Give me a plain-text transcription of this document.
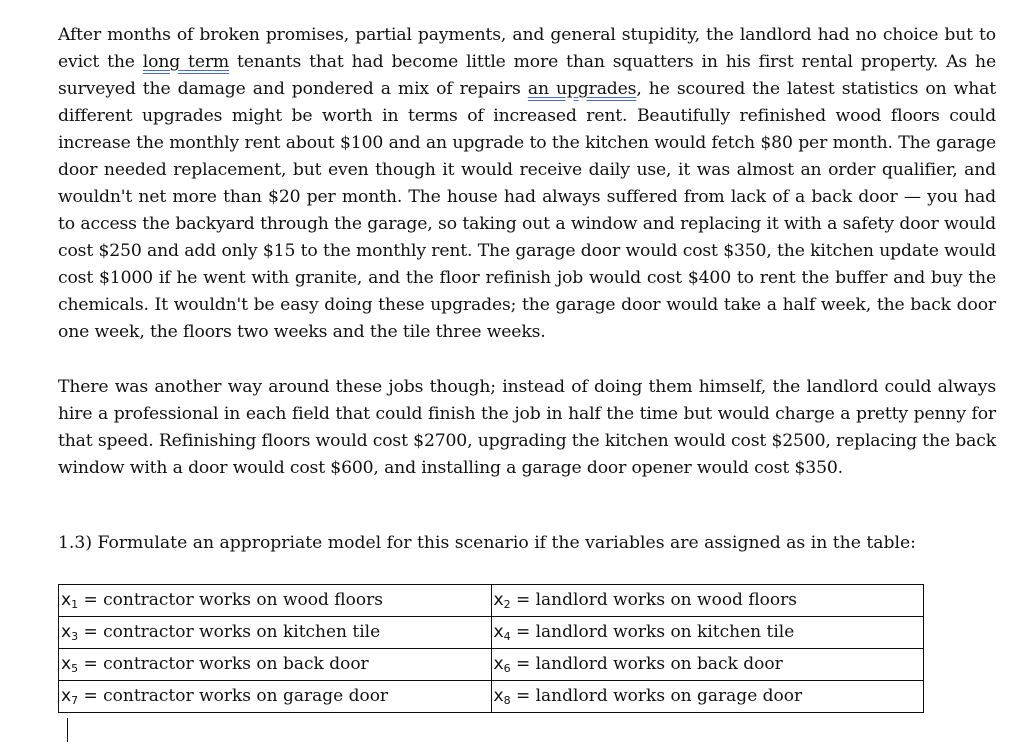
After months of broken promises, partial payments, and general stupidity, the landlord had no choice but to evict the long term tenants that had become little more than squatters in his first rental property. As he surveyed the damage and pondered a mix of repairs an upgrades, he scoured the latest statistics on what different upgrades might be worth in terms of increased rent. Beautifully refinished wood floors could increase the monthly rent about $100 and an upgrade to the kitchen would fetch $80 per month. The garage door needed replacement, but even though it would receive daily use, it was almost an order qualifier, and wouldn't net more than $20 per month. The house had always suffered from lack of a back door — you had to access the backyard through the garage, so taking out a window and replacing it with a safety door would cost $250 and add only $15 to the monthly rent. The garage door would cost $350, the kitchen update would cost $1000 if he went with granite, and the floor refinish job would cost $400 to rent the buffer and buy the chemicals. It wouldn't be easy doing these upgrades; the garage door would take a half week, the back door one week, the floors two weeks and the tile three weeks.

There was another way around these jobs though; instead of doing them himself, the landlord could always hire a professional in each field that could finish the job in half the time but would charge a pretty penny for that speed. Refinishing floors would cost $2700, upgrading the kitchen would cost $2500, replacing the back window with a door would cost $600, and installing a garage door opener would cost $350.

1.3) Formulate an appropriate model for this scenario if the variables are assigned as in the table:
$x_1$ = contractor works on wood floors	$x_2$ = landlord works on wood floors
$x_3$ = contractor works on kitchen tile	$x_4$ = landlord works on kitchen tile
$x_5$ = contractor works on back door	$x_6$ = landlord works on back door
$x_7$ = contractor works on garage door	$x_8$ = landlord works on garage door
